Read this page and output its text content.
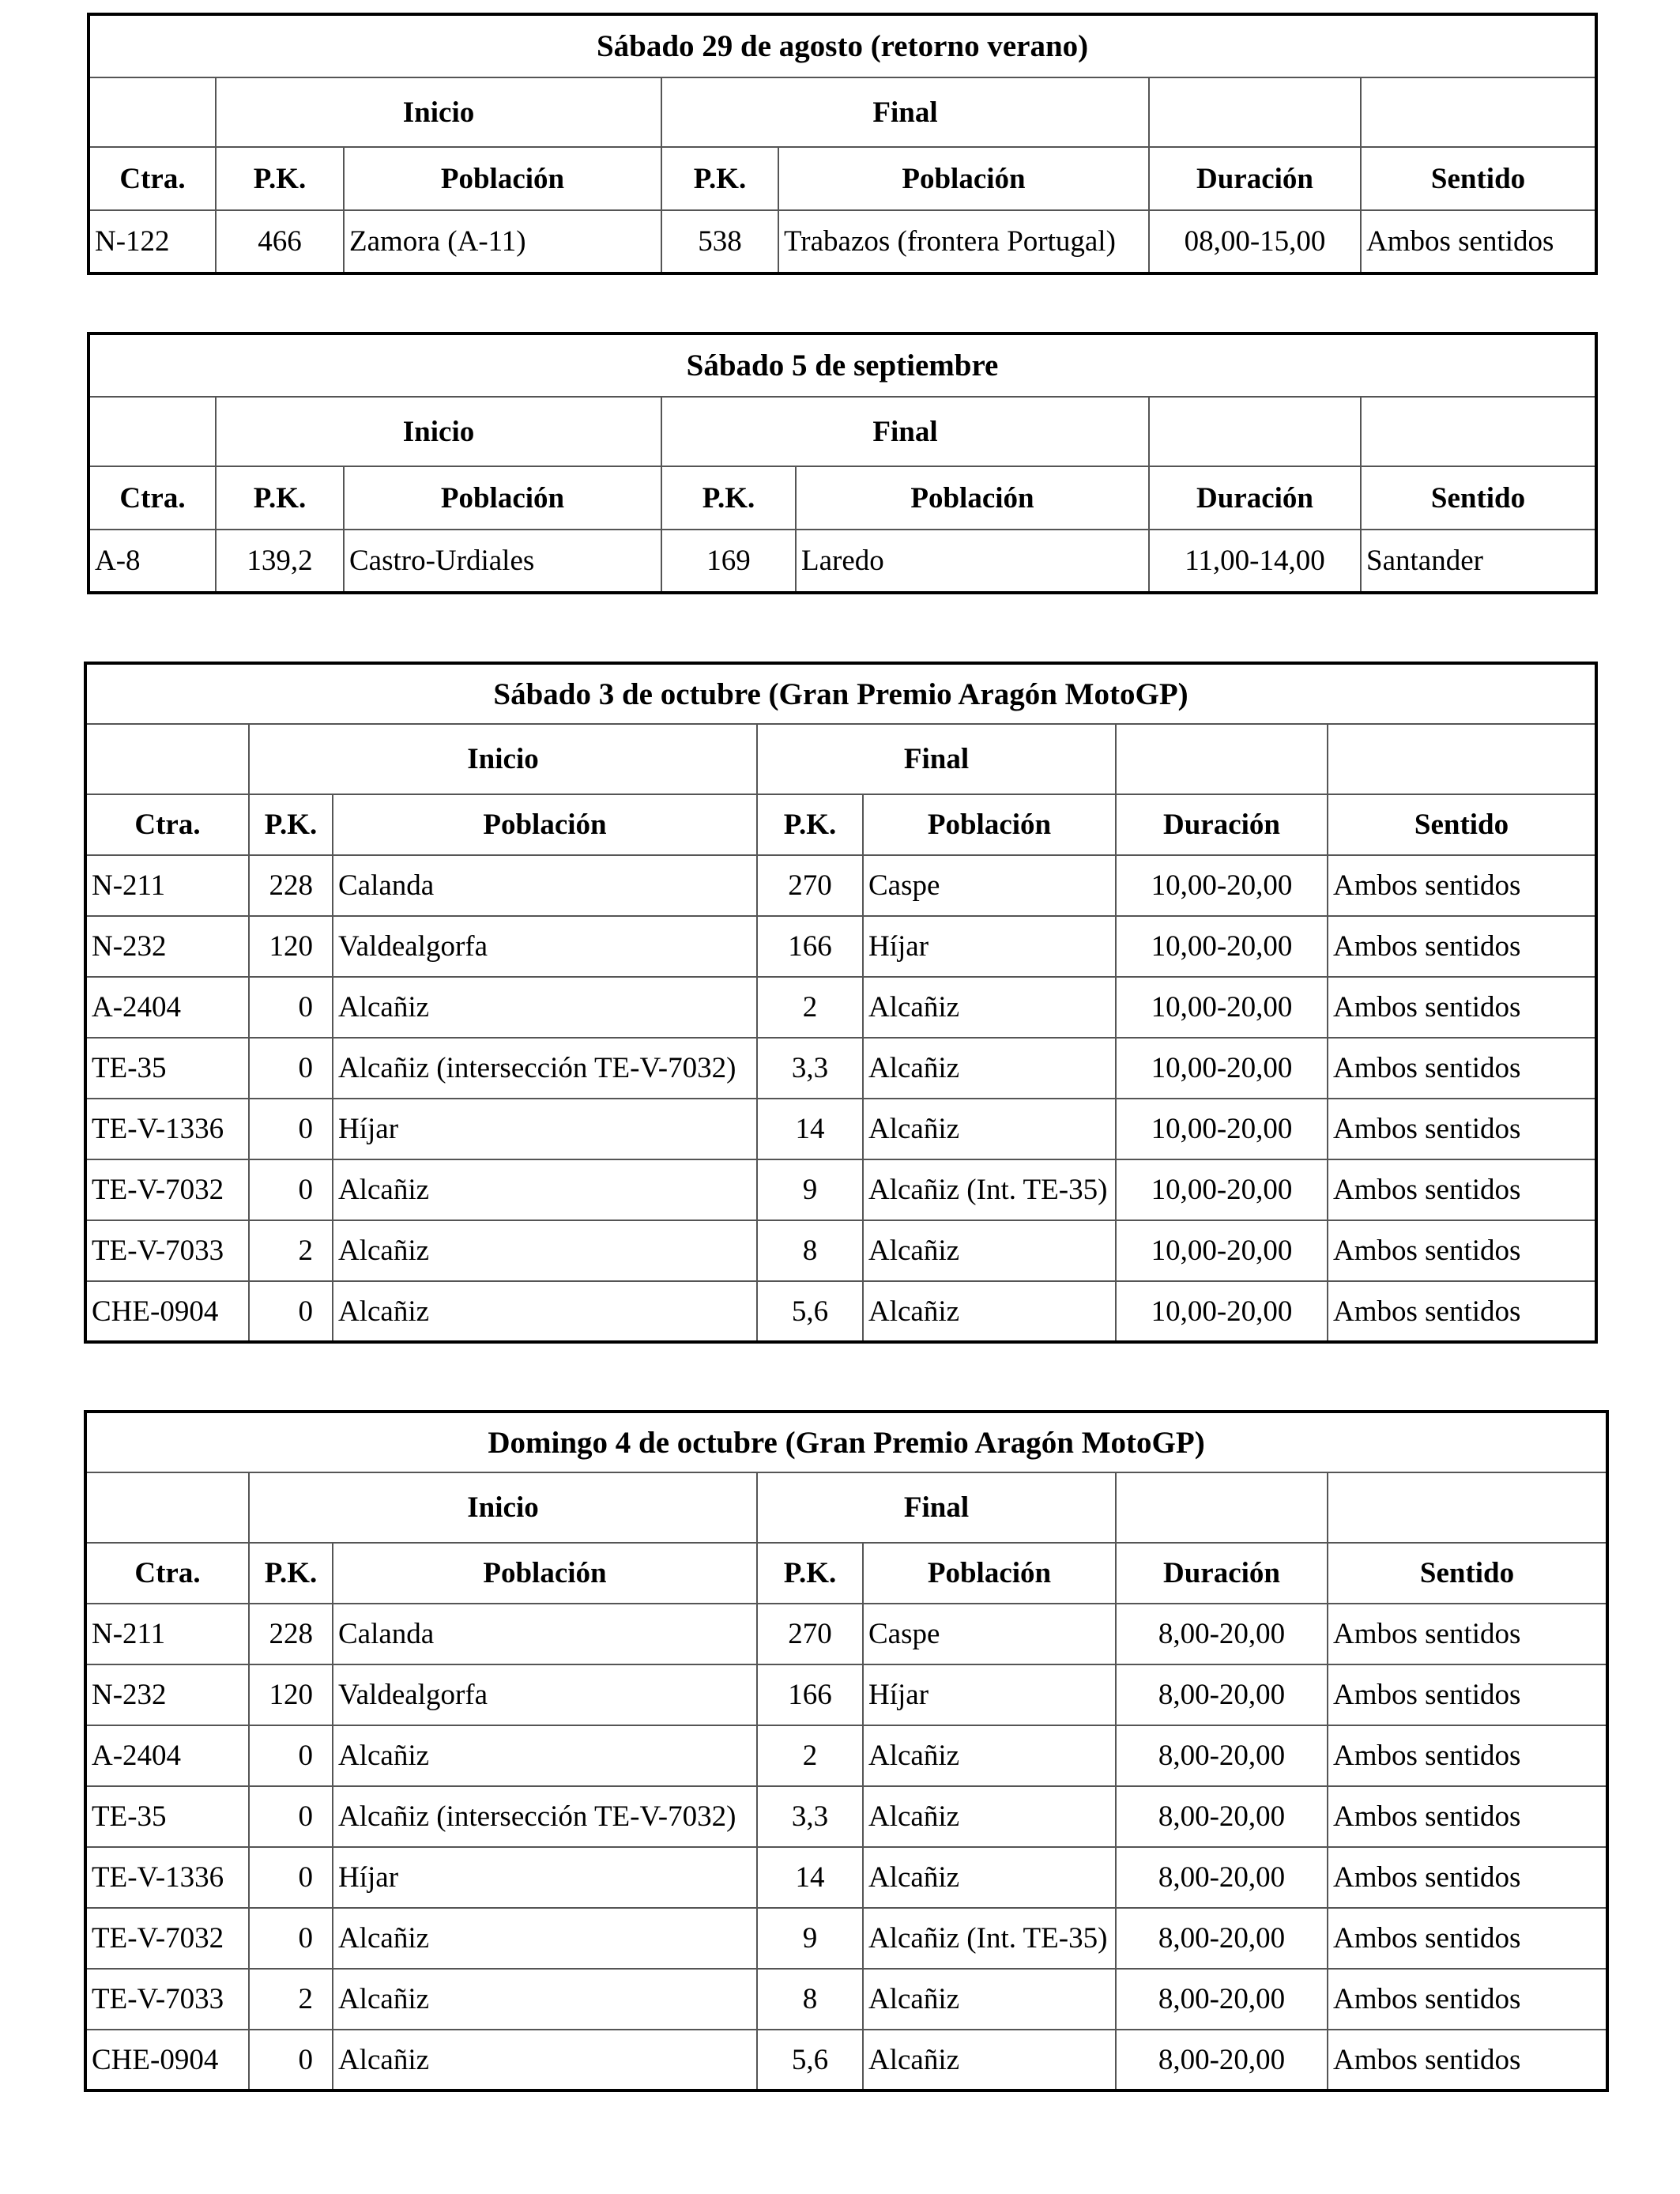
Sábado 29 de agosto (retorno verano)						
	Inicio		Final			
Ctra.	P.K.	Población	P.K.	Población	Duración	Sentido
N-122	466	Zamora (A-11)	538	Trabazos (frontera Portugal)	08,00-15,00	Ambos sentidos
Sábado 5 de septiembre						
	Inicio		Final			
Ctra.	P.K.	Población	P.K.	Población	Duración	Sentido
A-8	139,2	Castro-Urdiales	169	Laredo	11,00-14,00	Santander
Sábado 3 de octubre (Gran Premio Aragón MotoGP)						
	Inicio		Final			
Ctra.	P.K.	Población	P.K.	Población	Duración	Sentido
N-211	228	Calanda	270	Caspe	10,00-20,00	Ambos sentidos
N-232	120	Valdealgorfa	166	Híjar	10,00-20,00	Ambos sentidos
A-2404	0	Alcañiz	2	Alcañiz	10,00-20,00	Ambos sentidos
TE-35	0	Alcañiz (intersección TE-V-7032)	3,3	Alcañiz	10,00-20,00	Ambos sentidos
TE-V-1336	0	Híjar	14	Alcañiz	10,00-20,00	Ambos sentidos
TE-V-7032	0	Alcañiz	9	Alcañiz (Int. TE-35)	10,00-20,00	Ambos sentidos
TE-V-7033	2	Alcañiz	8	Alcañiz	10,00-20,00	Ambos sentidos
CHE-0904	0	Alcañiz	5,6	Alcañiz	10,00-20,00	Ambos sentidos
Domingo 4 de octubre (Gran Premio Aragón MotoGP)						
	Inicio		Final			
Ctra.	P.K.	Población	P.K.	Población	Duración	Sentido
N-211	228	Calanda	270	Caspe	8,00-20,00	Ambos sentidos
N-232	120	Valdealgorfa	166	Híjar	8,00-20,00	Ambos sentidos
A-2404	0	Alcañiz	2	Alcañiz	8,00-20,00	Ambos sentidos
TE-35	0	Alcañiz (intersección TE-V-7032)	3,3	Alcañiz	8,00-20,00	Ambos sentidos
TE-V-1336	0	Híjar	14	Alcañiz	8,00-20,00	Ambos sentidos
TE-V-7032	0	Alcañiz	9	Alcañiz (Int. TE-35)	8,00-20,00	Ambos sentidos
TE-V-7033	2	Alcañiz	8	Alcañiz	8,00-20,00	Ambos sentidos
CHE-0904	0	Alcañiz	5,6	Alcañiz	8,00-20,00	Ambos sentidos
